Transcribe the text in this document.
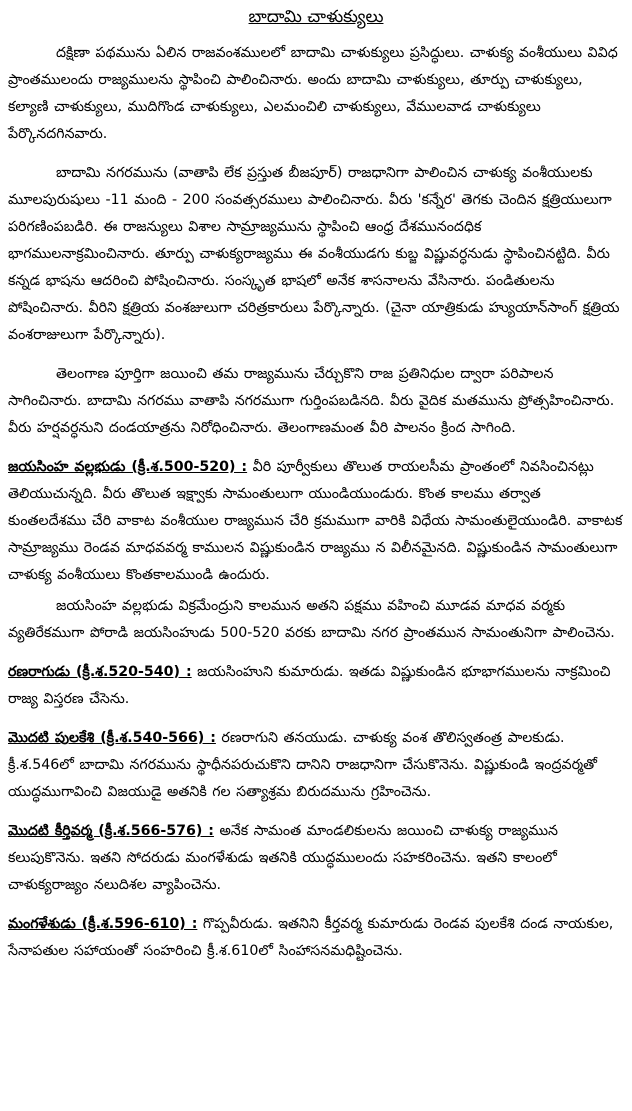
బాదామి చాళుక్యులు

దక్షిణా పథమును ఏలిన రాజవంశములలో బాదామి చాళుక్యులు ప్రసిద్ధులు. చాళుక్య వంశీయులు వివిధ ప్రాంతములందు రాజ్యములను స్థాపించి పాలించినారు. అందు బాదామి చాళుక్యులు, తూర్పు చాళుక్యులు, కల్యాణి చాళుక్యులు, ముదిగొండ చాళుక్యులు, ఎలమంచిలి చాళుక్యులు, వేములవాడ చాళుక్యులు పేర్కొనదగినవారు.

బాదామి నగరమును (వాతాపి లేక ప్రస్తుత బీజపూర్) రాజధానిగా పాలించిన చాళుక్య వంశీయులకు మూలపురుషులు -11 మంది - 200 సంవత్సరములు పాలించినారు. వీరు 'కన్నేర' తెగకు చెందిన క్షత్రియులుగా పరిగణింపబడిరి. ఈ రాజన్యులు విశాల సామ్రాజ్యమును స్థాపించి ఆంధ్ర దేశమునందధిక భాగములనాక్రమించినారు. తూర్పు చాళుక్యరాజ్యము ఈ వంశీయుడగు కుబ్జ విష్ణువర్ధనుడు స్థాపించినట్టిది. వీరు కన్నడ భాషను ఆదరించి పోషించినారు. సంస్కృత భాషలో అనేక శాసనాలను వేసినారు. పండితులను పోషించినారు. వీరిని క్షత్రియ వంశజులుగా చరిత్రకారులు పేర్కొన్నారు. (చైనా యాత్రికుడు హ్యుయాన్‌సాంగ్ క్షత్రియ వంశరాజులుగా పేర్కొన్నారు).

తెలంగాణ పూర్తిగా జయించి తమ రాజ్యమును చేర్చుకొని రాజ ప్రతినిధుల ద్వారా పరిపాలన సాగించినారు. బాదామి నగరము వాతాపి నగరముగా గుర్తింపబడినది. వీరు వైదిక మతమును ప్రోత్సహించినారు. వీరు హర్షవర్ధనుని దండయాత్రను నిరోధించినారు. తెలంగాణమంత వీరి పాలనం క్రింద సాగింది.

జయసింహ వల్లభుడు (క్రీ.శ.500-520) : వీరి పూర్వీకులు తొలుత రాయలసీమ ప్రాంతంలో నివసించినట్లు తెలియుచున్నది. వీరు తొలుత ఇక్ష్వాకు సామంతులుగా యుండియుండురు. కొంత కాలము తర్వాత కుంతలదేశము చేరి వాకాట వంశీయుల రాజ్యమున చేరి క్రమముగా వారికి విధేయ సామంతులైయుండిరి. వాకాటక సామ్రాజ్యము రెండవ మాధవవర్మ కాములన విష్ణుకుండిన రాజ్యము న విలీనమైనది. విష్ణుకుండిన సామంతులుగా చాళుక్య వంశీయులు కొంతకాలముండి ఉందురు.

జయసింహ వల్లభుడు విక్రమేంద్రుని కాలమున అతని పక్షము వహించి మూడవ మాధవ వర్మకు వ్యతిరేకముగా పోరాడి జయసింహుడు 500-520 వరకు బాదామి నగర ప్రాంతమున సామంతునిగా పాలించెను.

రణరాగుడు (క్రీ.శ.520-540) : జయసింహుని కుమారుడు. ఇతడు విష్ణుకుండిన భూభాగములను నాక్రమించి రాజ్య విస్తరణ చేసెను.

మొదటి పులకేశి (క్రీ.శ.540-566) : రణరాగుని తనయుడు. చాళుక్య వంశ తొలిస్వతంత్ర పాలకుడు. క్రీ.శ.546లో బాదామి నగరమును స్థాధీనపరుచుకొని దానిని రాజధానిగా చేసుకొనెను. విష్ణుకుండి ఇంద్రవర్మతో యుద్ధముగావించి విజయుడై అతనికి గల సత్యాశ్రమ బిరుదమును గ్రహించెను.

మొదటి కీర్తివర్మ (క్రీ.శ.566-576) : అనేక సామంత మాండలికులను జయించి చాళుక్య రాజ్యమున కలుపుకొనెను. ఇతని సోదరుడు మంగళేశుడు ఇతనికి యుద్ధములందు సహకరించెను. ఇతని కాలంలో చాళుక్యరాజ్యం నలుదిశల వ్యాపించెను.

మంగళేశుడు (క్రీ.శ.596-610) : గొప్పవీరుడు. ఇతనిని కీర్తవర్మ కుమారుడు రెండవ పులకేశి దండ నాయకుల, సేనాపతుల సహాయంతో సంహరించి క్రీ.శ.610లో సింహాసనమధిష్టించెను.
